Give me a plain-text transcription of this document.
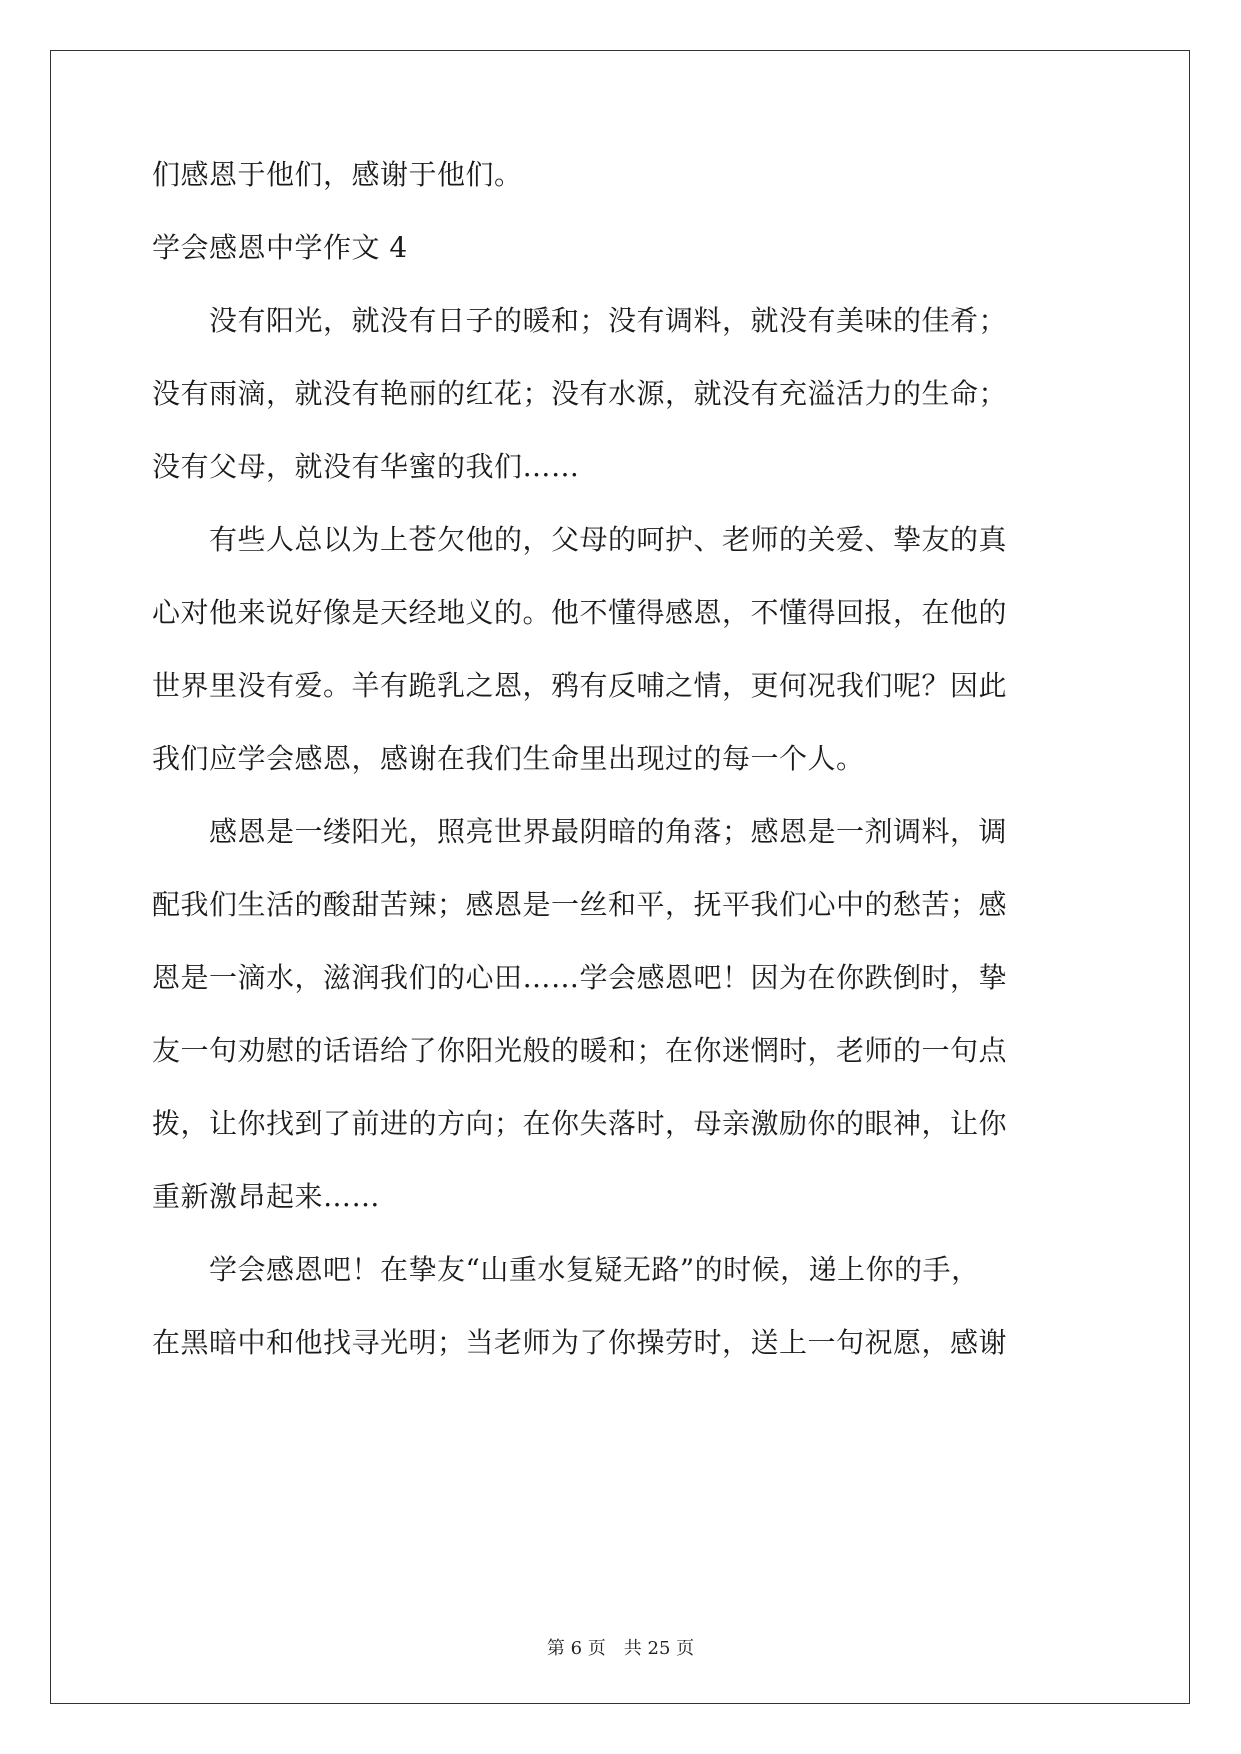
们感恩于他们，感谢于他们。
学会感恩中学作文 4
　　没有阳光，就没有日子的暖和；没有调料，就没有美味的佳肴；
没有雨滴，就没有艳丽的红花；没有水源，就没有充溢活力的生命；
没有父母，就没有华蜜的我们……
　　有些人总以为上苍欠他的，父母的呵护、老师的关爱、挚友的真
心对他来说好像是天经地义的。他不懂得感恩，不懂得回报，在他的
世界里没有爱。羊有跪乳之恩，鸦有反哺之情，更何况我们呢？因此
我们应学会感恩，感谢在我们生命里出现过的每一个人。
　　感恩是一缕阳光，照亮世界最阴暗的角落；感恩是一剂调料，调
配我们生活的酸甜苦辣；感恩是一丝和平，抚平我们心中的愁苦；感
恩是一滴水，滋润我们的心田……学会感恩吧！因为在你跌倒时，挚
友一句劝慰的话语给了你阳光般的暖和；在你迷惘时，老师的一句点
拨，让你找到了前进的方向；在你失落时，母亲激励你的眼神，让你
重新激昂起来……
　　学会感恩吧！在挚友“山重水复疑无路”的时候，递上你的手，
在黑暗中和他找寻光明；当老师为了你操劳时，送上一句祝愿，感谢
第 6 页　共 25 页
